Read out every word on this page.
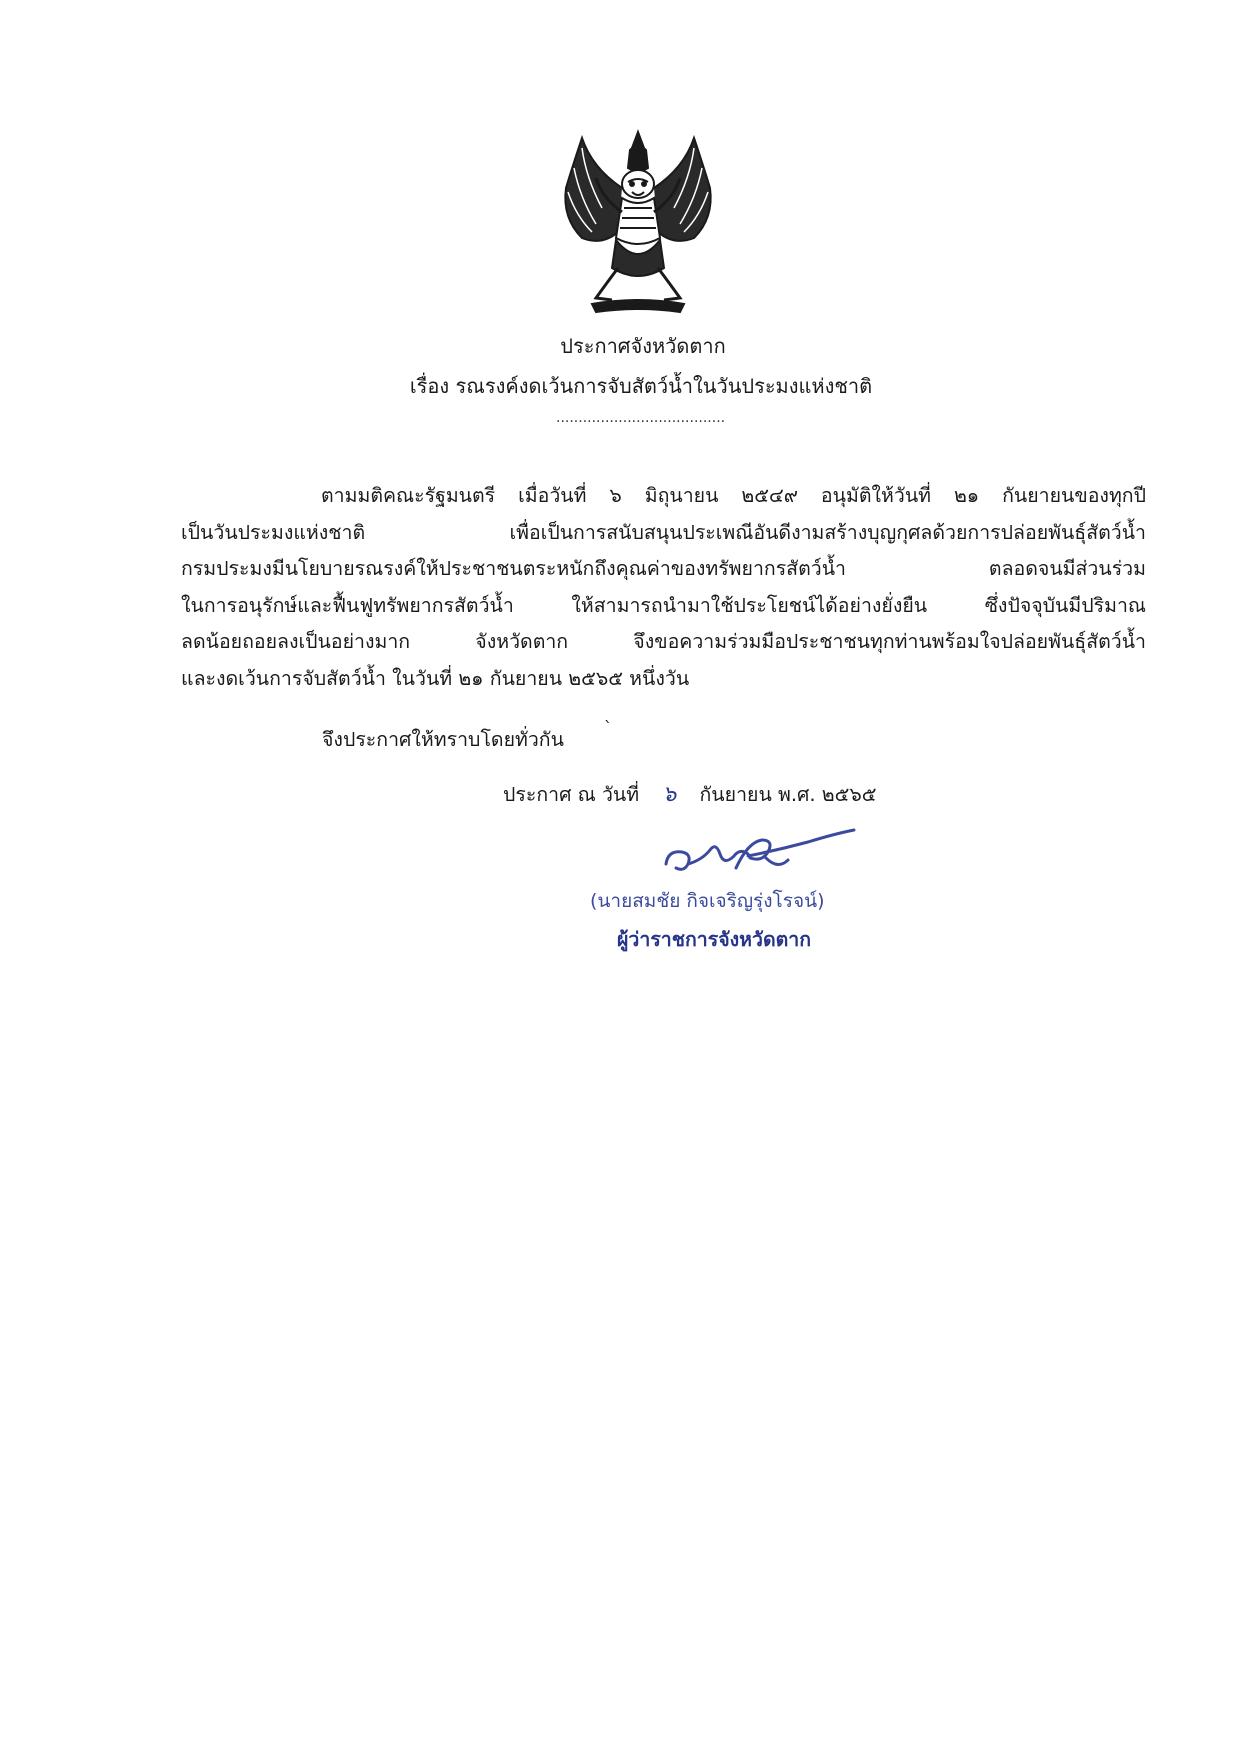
ประกาศจังหวัดตาก
เรื่อง รณรงค์งดเว้นการจับสัตว์น้ำในวันประมงแห่งชาติ
......................................
ตามมติคณะรัฐมนตรี เมื่อวันที่ ๖ มิถุนายน ๒๕๔๙ อนุมัติให้วันที่ ๒๑ กันยายนของทุกปี
เป็นวันประมงแห่งชาติ เพื่อเป็นการสนับสนุนประเพณีอันดีงามสร้างบุญกุศลด้วยการปล่อยพันธุ์สัตว์น้ำ
กรมประมงมีนโยบายรณรงค์ให้ประชาชนตระหนักถึงคุณค่าของทรัพยากรสัตว์น้ำ ตลอดจนมีส่วนร่วม
ในการอนุรักษ์และฟื้นฟูทรัพยากรสัตว์น้ำ ให้สามารถนำมาใช้ประโยชน์ได้อย่างยั่งยืน ซึ่งปัจจุบันมีปริมาณ
ลดน้อยถอยลงเป็นอย่างมาก จังหวัดตาก จึงขอความร่วมมือประชาชนทุกท่านพร้อมใจปล่อยพันธุ์สัตว์น้ำ
และงดเว้นการจับสัตว์น้ำ ในวันที่ ๒๑ กันยายน ๒๕๖๕ หนึ่งวัน
จึงประกาศให้ทราบโดยทั่วกัน
ˋ
ประกาศ ณ วันที่ ๖ กันยายน พ.ศ. ๒๕๖๕
(นายสมชัย กิจเจริญรุ่งโรจน์)
ผู้ว่าราชการจังหวัดตาก
